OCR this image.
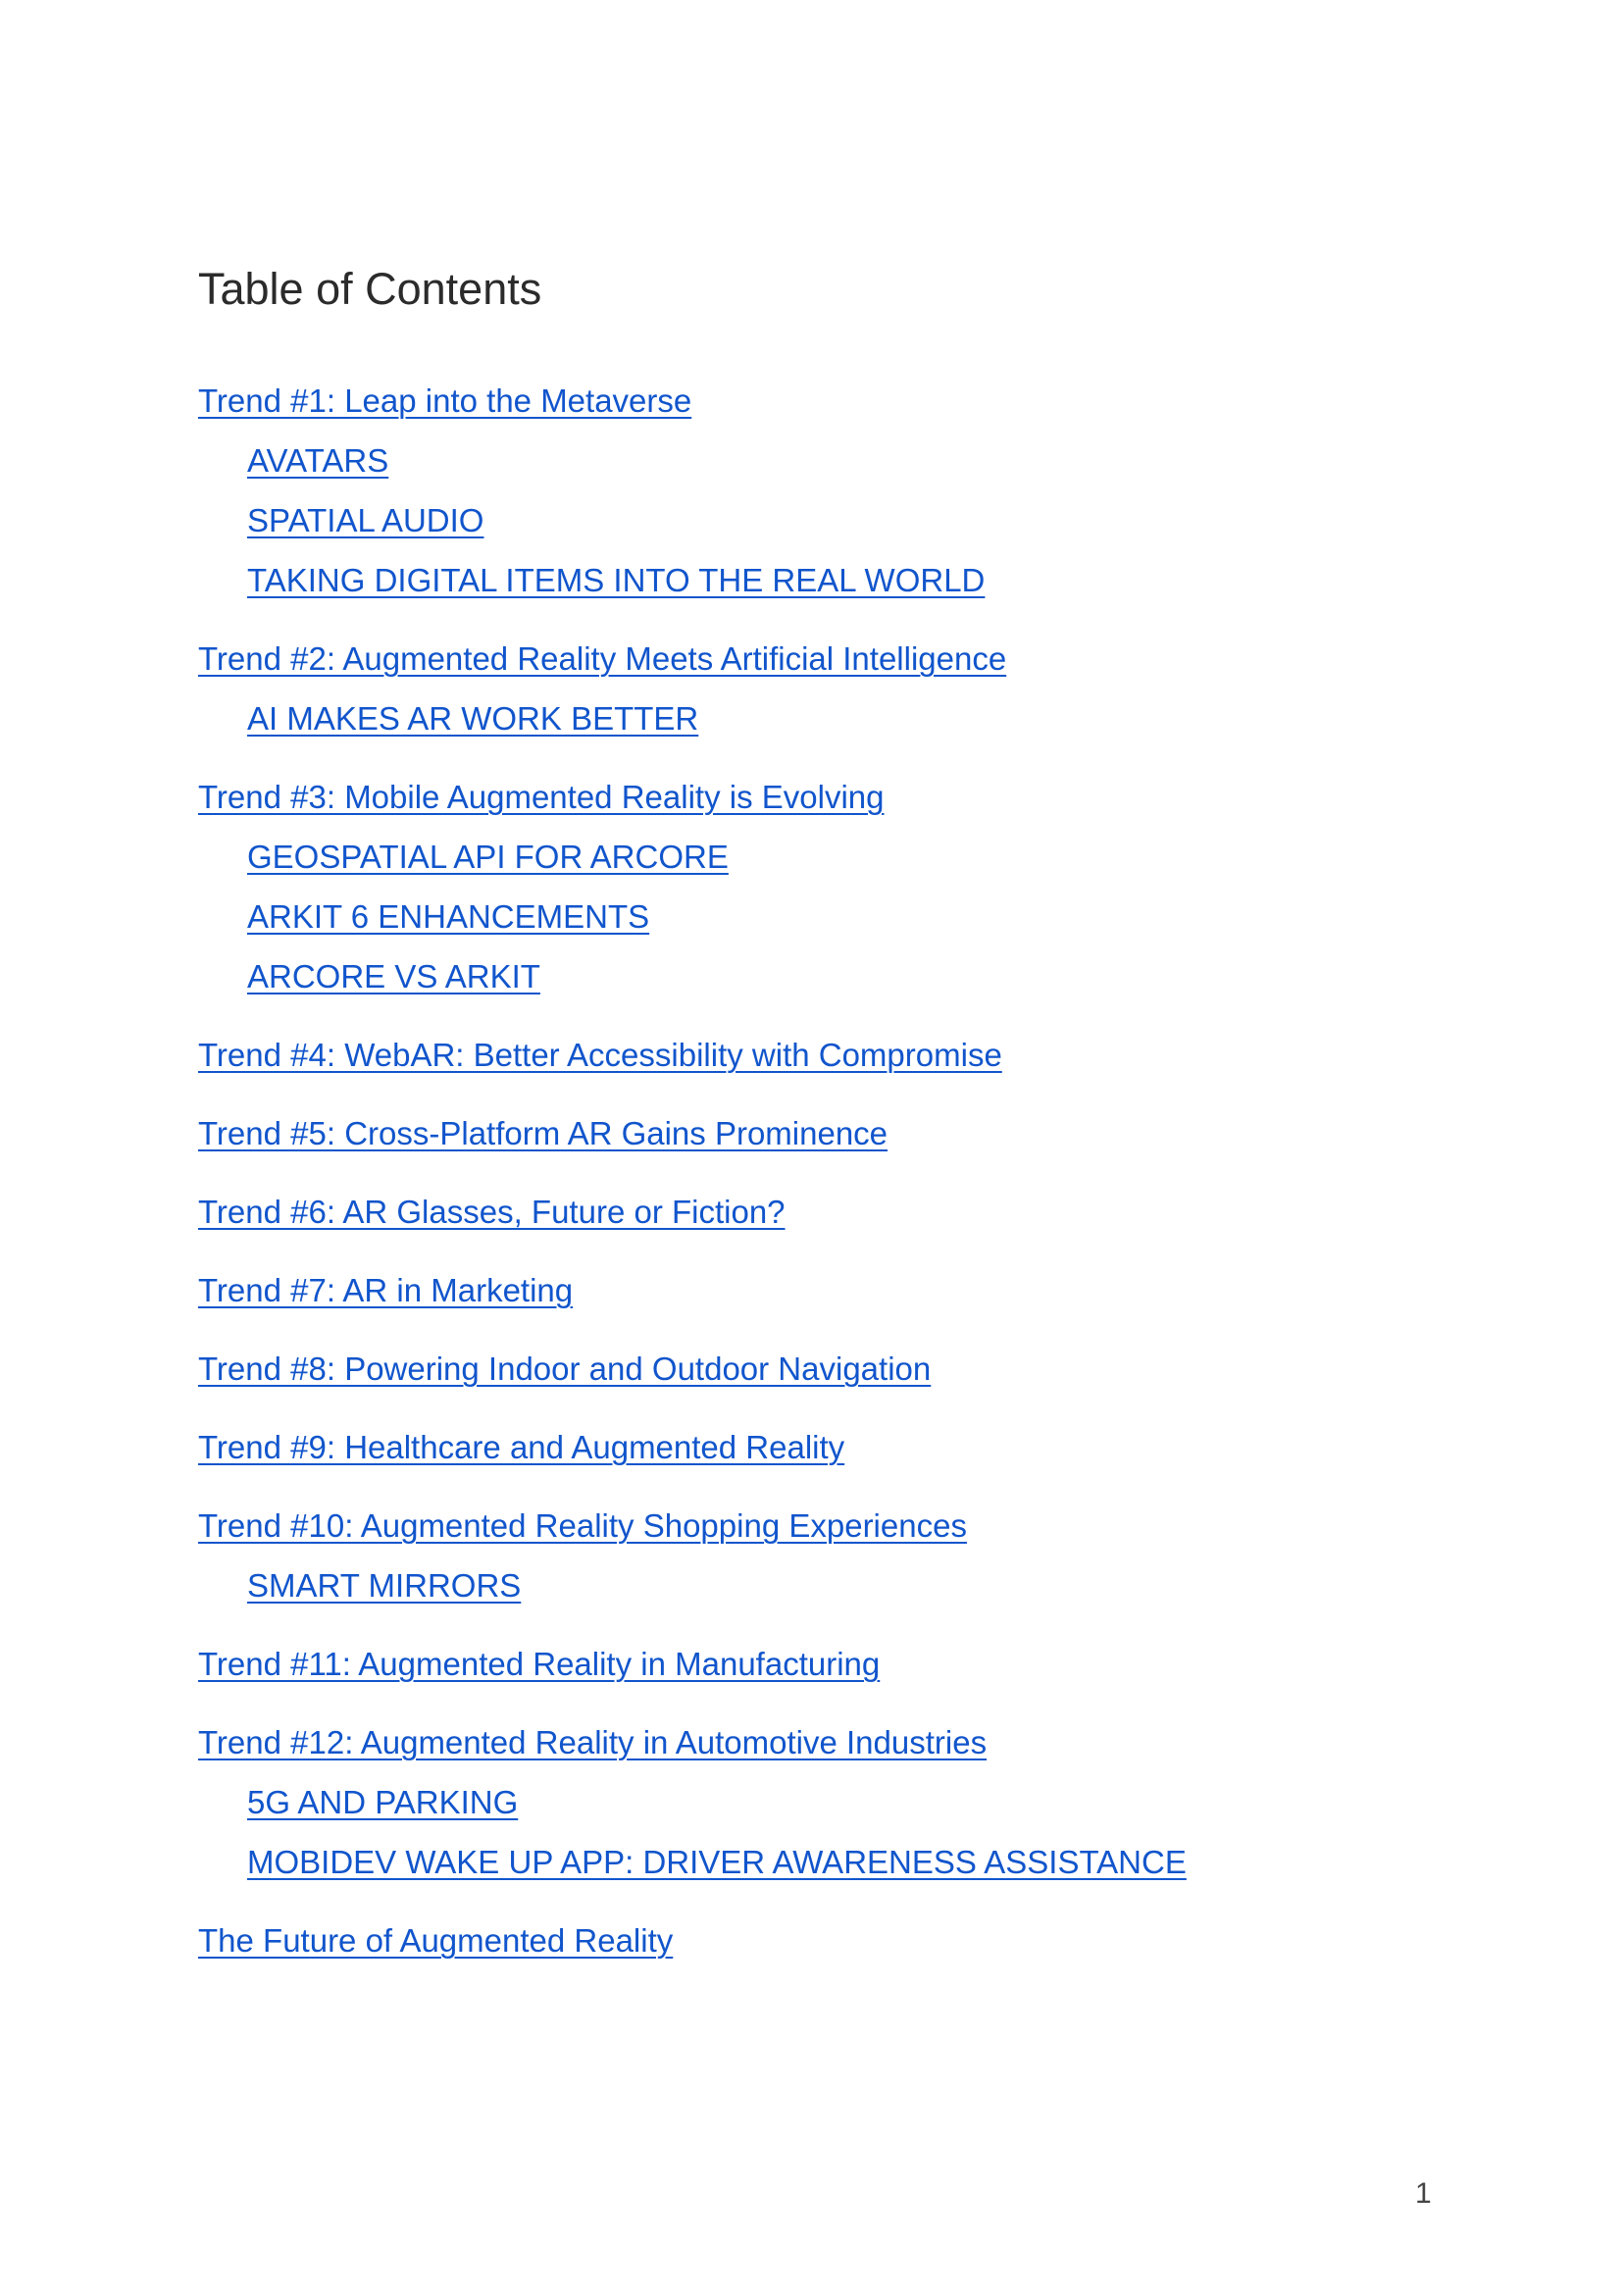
Table of Contents
Trend #1: Leap into the Metaverse
AVATARS
SPATIAL AUDIO
TAKING DIGITAL ITEMS INTO THE REAL WORLD
Trend #2: Augmented Reality Meets Artificial Intelligence
AI MAKES AR WORK BETTER
Trend #3: Mobile Augmented Reality is Evolving
GEOSPATIAL API FOR ARCORE
ARKIT 6 ENHANCEMENTS
ARCORE VS ARKIT
Trend #4: WebAR: Better Accessibility with Compromise
Trend #5: Cross-Platform AR Gains Prominence
Trend #6: AR Glasses, Future or Fiction?
Trend #7: AR in Marketing
Trend #8: Powering Indoor and Outdoor Navigation
Trend #9: Healthcare and Augmented Reality
Trend #10: Augmented Reality Shopping Experiences
SMART MIRRORS
Trend #11: Augmented Reality in Manufacturing
Trend #12: Augmented Reality in Automotive Industries
5G AND PARKING
MOBIDEV WAKE UP APP: DRIVER AWARENESS ASSISTANCE
The Future of Augmented Reality
1
